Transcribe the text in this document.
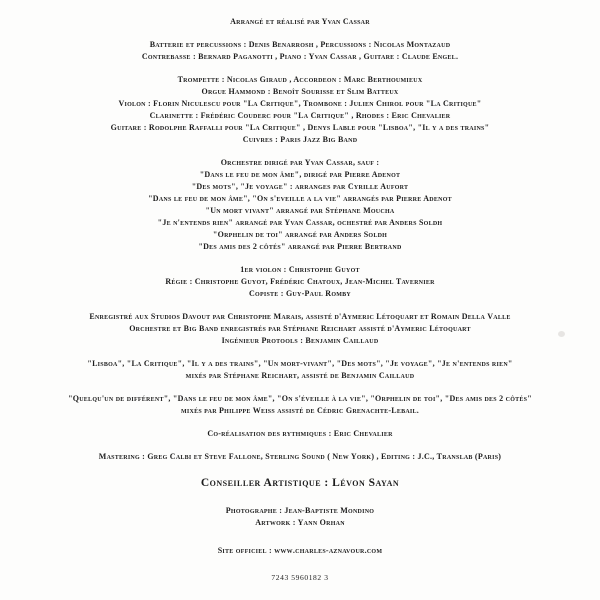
Arrangé et réalisé par Yvan Cassar

Batterie et percussions : Denis Benarrosh , Percussions : Nicolas Montazaud

Contrebasse : Bernard Paganotti , Piano : Yvan Cassar , Guitare : Claude Engel.

Trompette : Nicolas Giraud , Accordeon : Marc Berthoumieux

Orgue Hammond : Benoît Sourisse et Slim Batteux

Violon : Florin Niculescu pour "La Critique", Trombone : Julien Chirol pour "La Critique"

Clarinette : Frédéric Couderc pour "La Critique" , Rhodes : Eric Chevalier

Guitare : Rodolphe Raffalli pour "La Critique" , Denys Lable pour "Lisboa", "Il y a des trains"

Cuivres : Paris Jazz Big Band

Orchestre dirigé par Yvan Cassar, sauf :

"Dans le feu de mon âme", dirigé par Pierre Adenot

"Des mots", "Je voyage" : arranges par Cyrille Aufort

"Dans le feu de mon âme", "On s'eveille a la vie" arrangés par Pierre Adenot

"Un mort vivant" arrangé par Stéphane Moucha

"Je n'entends rien" arrangé par Yvan Cassar, ochestré par Anders Soldh

"Orphelin de toi" arrangé par Anders Soldh

"Des amis des 2 côtés" arrangé par Pierre Bertrand

1er violon : Christophe Guyot

Régie : Christophe Guyot, Frédéric Chatoux, Jean-Michel Tavernier

Copiste : Guy-Paul Romby

Enregistré aux Studios Davout par Christophe Marais, assisté d'Aymeric Létoquart et Romain Della Valle

Orchestre et Big Band enregistrés par Stéphane Reichart assisté d'Aymeric Létoquart

Ingénieur Protools : Benjamin Caillaud

"Lisboa", "La Critique", "Il y a des trains", "Un mort-vivant", "Des mots", "Je voyage", "Je n'entends rien"

mixés par Stéphane Reichart, assisté de Benjamin Caillaud

"Quelqu'un de différent", "Dans le feu de mon âme", "On s'éveille à la vie", "Orphelin de toi", "Des amis des 2 côtés"

mixés par Philippe Weiss assisté de Cédric Grenachte-Lebail.

Co-réalisation des rythmiques : Eric Chevalier

Mastering : Greg Calbi et Steve Fallone, Sterling Sound ( New York) , Editing : J.C., Translab (Paris)

Conseiller Artistique : Lévon Sayan

Photographe : Jean-Baptiste Mondino

Artwork : Yann Orhan

Site officiel : www.charles-aznavour.com

7243 5960182 3
